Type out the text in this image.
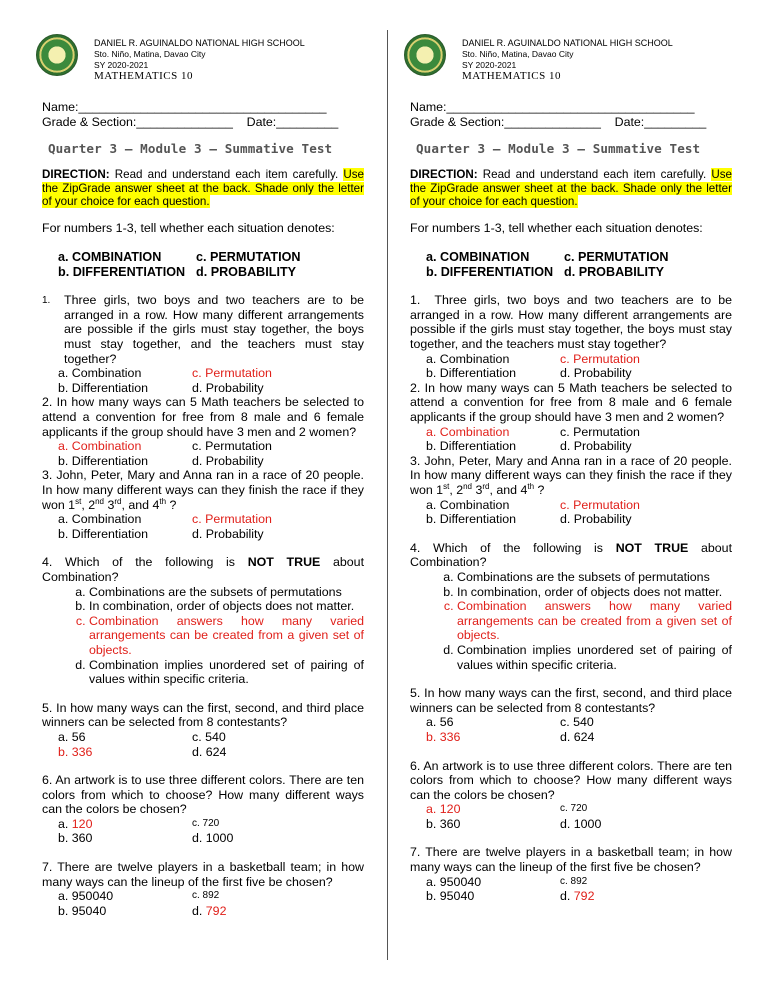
DANIEL R. AGUINALDO NATIONAL HIGH SCHOOL
Sto. Niño, Matina, Davao City
SY 2020-2021
MATHEMATICS 10
Name:____________________________________
Grade & Section:______________ Date:_________
Quarter 3 – Module 3 – Summative Test

DIRECTION: Read and understand each item carefully. Use the ZipGrade answer sheet at the back. Shade only the letter of your choice for each question.

For numbers 1-3, tell whether each situation denotes:

a. COMBINATION	c. PERMUTATION
b. DIFFERENTIATION d. PROBABILITY
1.	Three girls, two boys and two teachers are to be arranged in a row. How many different arrangements are possible if the girls must stay together, the boys must stay together, and the teachers must stay together?

a. Combination	c. Permutation
b. Differentiation	d. Probability

2. In how many ways can 5 Math teachers be selected to attend a convention for free from 8 male and 6 female applicants if the group should have 3 men and 2 women?

a. Combination	c. Permutation
b. Differentiation	d. Probability

3. John, Peter, Mary and Anna ran in a race of 20 people. In how many different ways can they finish the race if they won 1st, 2nd 3rd, and 4th ?

a. Combination	c. Permutation
b. Differentiation	d. Probability

4. Which of the following is NOT TRUE about Combination?

a. Combinations are the subsets of permutations
b. In combination, order of objects does not matter.
c. Combination answers how many varied arrangements can be created from a given set of objects.
d. Combination implies unordered set of pairing of values within specific criteria.

5. In how many ways can the first, second, and third place winners can be selected from 8 contestants?

a. 56	c. 540
b. 336	d. 624

6. An artwork is to use three different colors. There are ten colors from which to choose? How many different ways can the colors be chosen?

a. 120	c. 720
b. 360	d. 1000

7. There are twelve players in a basketball team; in how many ways can the lineup of the first five be chosen?

a. 950040	c. 892
b. 95040	d. 792
DANIEL R. AGUINALDO NATIONAL HIGH SCHOOL
Sto. Niño, Matina, Davao City
SY 2020-2021
MATHEMATICS 10
Name:____________________________________
Grade & Section:______________ Date:_________
Quarter 3 – Module 3 – Summative Test

DIRECTION: Read and understand each item carefully. Use the ZipGrade answer sheet at the back. Shade only the letter of your choice for each question.

For numbers 1-3, tell whether each situation denotes:

a. COMBINATION	c. PERMUTATION
b. DIFFERENTIATION d. PROBABILITY

1. Three girls, two boys and two teachers are to be arranged in a row. How many different arrangements are possible if the girls must stay together, the boys must stay together, and the teachers must stay together?

a. Combination	c. Permutation
b. Differentiation	d. Probability

2. In how many ways can 5 Math teachers be selected to attend a convention for free from 8 male and 6 female applicants if the group should have 3 men and 2 women?

a. Combination	c. Permutation
b. Differentiation	d. Probability

3. John, Peter, Mary and Anna ran in a race of 20 people. In how many different ways can they finish the race if they won 1st, 2nd 3rd, and 4th ?

a. Combination	c. Permutation
b. Differentiation	d. Probability

4. Which of the following is NOT TRUE about Combination?

a. Combinations are the subsets of permutations
b. In combination, order of objects does not matter.
c. Combination answers how many varied arrangements can be created from a given set of objects.
d. Combination implies unordered set of pairing of values within specific criteria.

5. In how many ways can the first, second, and third place winners can be selected from 8 contestants?

a. 56	c. 540
b. 336	d. 624

6. An artwork is to use three different colors. There are ten colors from which to choose? How many different ways can the colors be chosen?

a. 120	c. 720
b. 360	d. 1000

7. There are twelve players in a basketball team; in how many ways can the lineup of the first five be chosen?

a. 950040	c. 892
b. 95040	d. 792
